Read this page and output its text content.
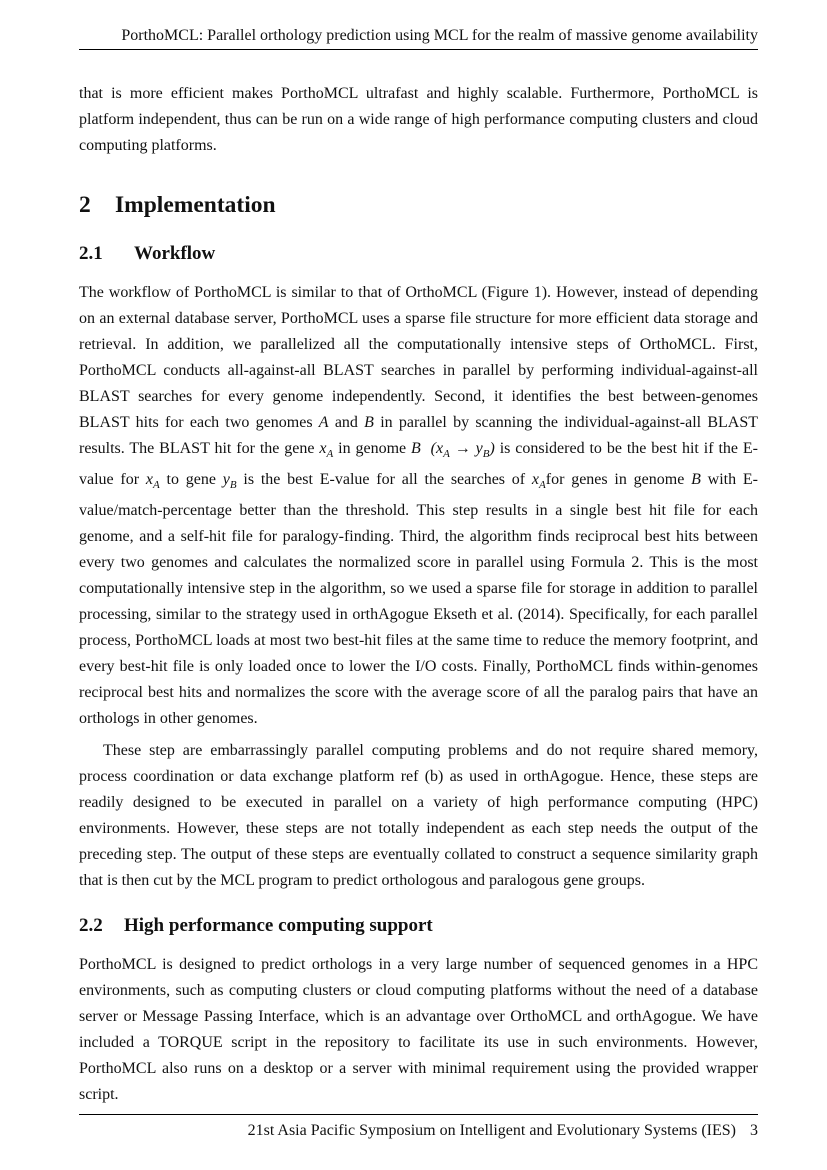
PorthoMCL: Parallel orthology prediction using MCL for the realm of massive genome availability

that is more efficient makes PorthoMCL ultrafast and highly scalable. Furthermore, PorthoMCL is platform independent, thus can be run on a wide range of high performance computing clusters and cloud computing platforms.

2 Implementation
2.1 Workflow

The workflow of PorthoMCL is similar to that of OrthoMCL (Figure 1). However, instead of depending on an external database server, PorthoMCL uses a sparse file structure for more efficient data storage and retrieval. In addition, we parallelized all the computationally intensive steps of OrthoMCL. First, PorthoMCL conducts all-against-all BLAST searches in parallel by performing individual-against-all BLAST searches for every genome independently. Second, it identifies the best between-genomes BLAST hits for each two genomes A and B in parallel by scanning the individual-against-all BLAST results. The BLAST hit for the gene $x_A$ in genome B $(x_A \to y_B)$ is considered to be the best hit if the E-value for $x_A$ to gene $y_B$ is the best E-value for all the searches of $x_Afor$ genes in genome B with E-value/match-percentage better than the threshold. This step results in a single best hit file for each genome, and a self-hit file for paralogy-finding. Third, the algorithm finds reciprocal best hits between every two genomes and calculates the normalized score in parallel using Formula 2. This is the most computationally intensive step in the algorithm, so we used a sparse file for storage in addition to parallel processing, similar to the strategy used in orthAgogue Ekseth et al. (2014). Specifically, for each parallel process, PorthoMCL loads at most two best-hit files at the same time to reduce the memory footprint, and every best-hit file is only loaded once to lower the I/O costs. Finally, PorthoMCL finds within-genomes reciprocal best hits and normalizes the score with the average score of all the paralog pairs that have an orthologs in other genomes.

These step are embarrassingly parallel computing problems and do not require shared memory, process coordination or data exchange platform ref (b) as used in orthAgogue. Hence, these steps are readily designed to be executed in parallel on a variety of high performance computing (HPC) environments. However, these steps are not totally independent as each step needs the output of the preceding step. The output of these steps are eventually collated to construct a sequence similarity graph that is then cut by the MCL program to predict orthologous and paralogous gene groups.

2.2 High performance computing support

PorthoMCL is designed to predict orthologs in a very large number of sequenced genomes in a HPC environments, such as computing clusters or cloud computing platforms without the need of a database server or Message Passing Interface, which is an advantage over OrthoMCL and orthAgogue. We have included a TORQUE script in the repository to facilitate its use in such environments. However, PorthoMCL also runs on a desktop or a server with minimal requirement using the provided wrapper script.

21st Asia Pacific Symposium on Intelligent and Evolutionary Systems (IES) 3
